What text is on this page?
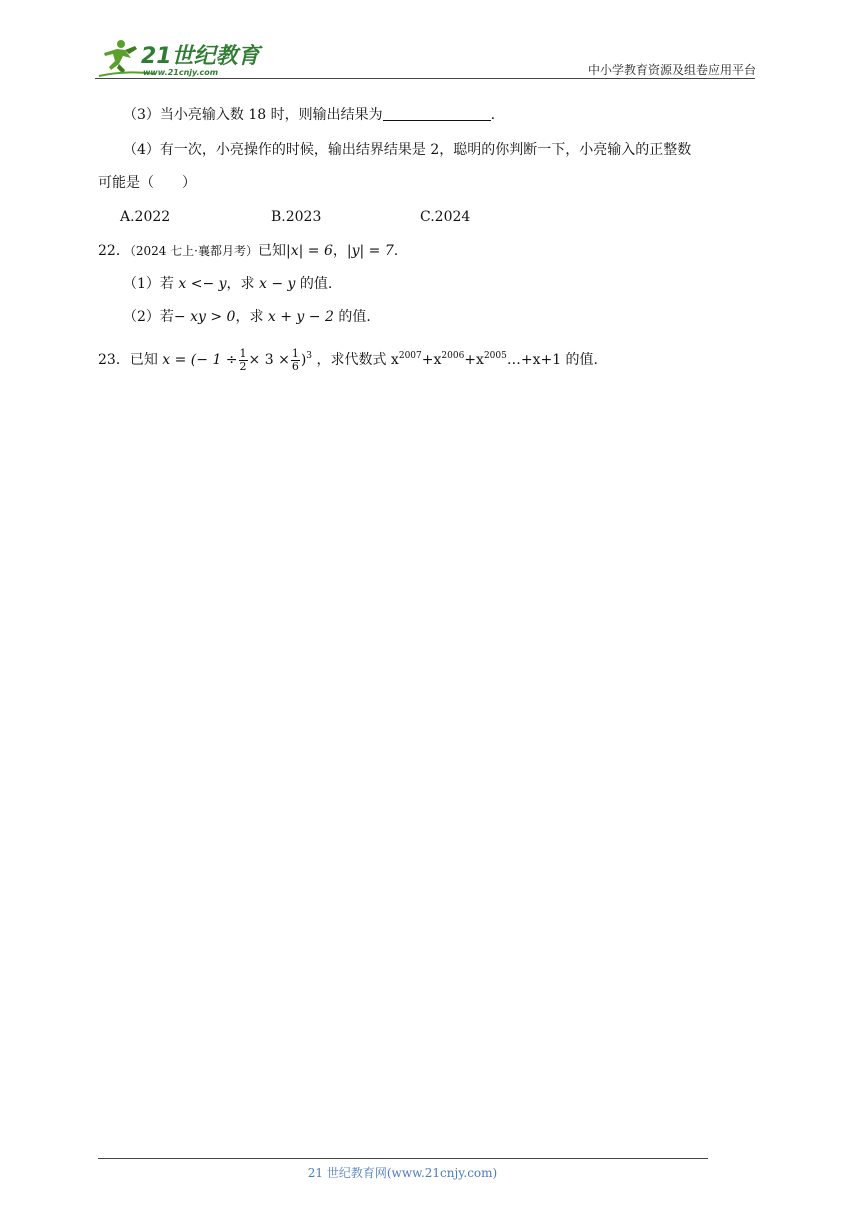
21世纪教育
www.21cnjy.com	中小学教育资源及组卷应用平台
（3）当小亮输入数 18 时，则输出结果为	.
（4）有一次，小亮操作的时候，输出结界结果是 2，聪明的你判断一下，小亮输入的正整数
可能是（　　）
A.2022	B.2023	C.2024
22．（2024 七上·襄都月考）已知|x| = 6，|y| = 7.
（1）若 x <− y，求 x − y 的值.
（2）若− xy > 0，求 x + y − 2 的值.
23．已知 x = (− $1 \div \frac{1}{2} \times 3 \times \frac{1}{6} )^3$ ，求代数式 $x^{2007}+x^{2006}+x^{2005}\dots+x+1$ 的值.
21 世纪教育网(www.21cnjy.com)
